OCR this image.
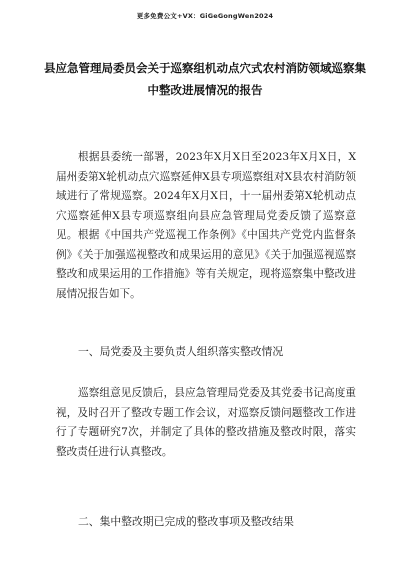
更多免费公文+VX：GiGeGongWen2024
县应急管理局委员会关于巡察组机动点穴式农村消防领域巡察集中整改进展情况的报告
根据县委统一部署，2023年X月X日至2023年X月X日，X届州委第X轮机动点穴巡察延伸X县专项巡察组对X县农村消防领域进行了常规巡察。2024年X月X日，十一届州委第X轮机动点穴巡察延伸X县专项巡察组向县应急管理局党委反馈了巡察意见。根据《中国共产党巡视工作条例》《中国共产党党内监督条例》《关于加强巡视整改和成果运用的意见》《关于加强巡视巡察整改和成果运用的工作措施》等有关规定，现将巡察集中整改进展情况报告如下。
一、局党委及主要负责人组织落实整改情况
巡察组意见反馈后，县应急管理局党委及其党委书记高度重视，及时召开了整改专题工作会议，对巡察反馈问题整改工作进行了专题研究7次，并制定了具体的整改措施及整改时限，落实整改责任进行认真整改。
二、集中整改期已完成的整改事项及整改结果
